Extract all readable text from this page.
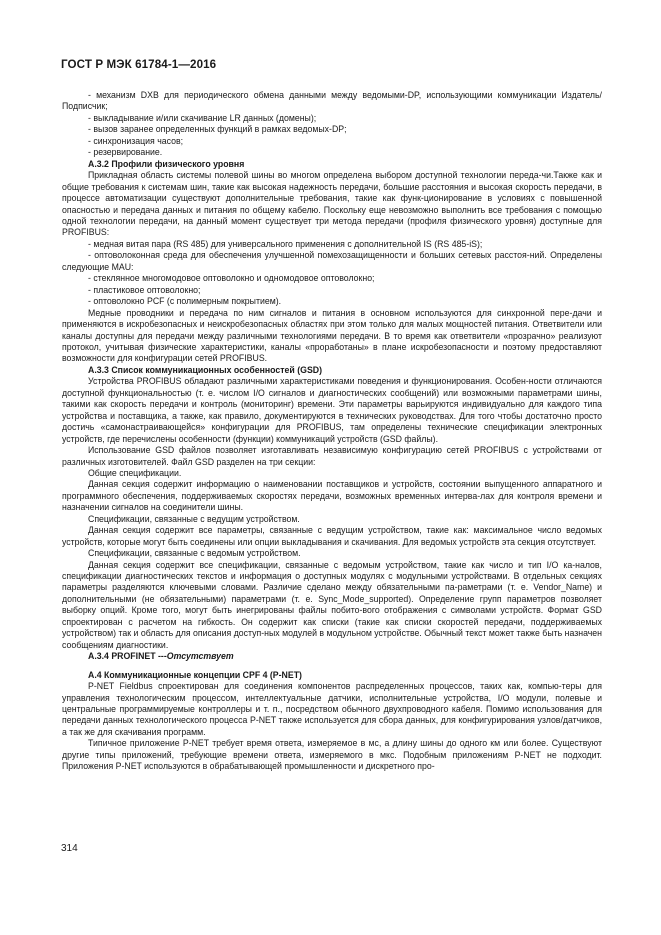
ГОСТ Р МЭК 61784-1—2016

- механизм DXB для периодического обмена данными между ведомыми-DP, использующими коммуникации Издатель/Подписчик;

- выкладывание и/или скачивание LR данных (домены);

- вызов заранее определенных функций в рамках ведомых-DP;

- синхронизация часов;

- резервирование.

A.3.2 Профили физического уровня

Прикладная область системы полевой шины во многом определена выбором доступной технологии переда-чи.Также как и общие требования к системам шин, такие как высокая надежность передачи, большие расстояния и высокая скорость передачи, в процессе автоматизации существуют дополнительные требования, такие как функ-ционирование в условиях с повышенной опасностью и передача данных и питания по общему кабелю. Поскольку еще невозможно выполнить все требования с помощью одной технологии передачи, на данный момент существует три метода передачи (профиля физического уровня) доступные для PROFIBUS:

- медная витая пара (RS 485) для универсального применения с дополнительной IS (RS 485-iS);

- оптоволоконная среда для обеспечения улучшенной помехозащищенности и больших сетевых расстоя-ний. Определены следующие MAU:

- стеклянное многомодовое оптоволокно и одномодовое оптоволокно;

- пластиковое оптоволокно;

- оптоволокно PCF (с полимерным покрытием).

Медные проводники и передача по ним сигналов и питания в основном используются для синхронной пере-дачи и применяются в искробезопасных и неискробезопасных областях при этом только для малых мощностей питания. Ответвители или каналы доступны для передачи между различными технологиями передачи. В то время как ответвители «прозрачно» реализуют протокол, учитывая физические характеристики, каналы «проработаны» в плане искробезопасности и поэтому предоставляют возможности для конфигурации сетей PROFIBUS.

A.3.3 Список коммуникационных особенностей (GSD)

Устройства PROFIBUS обладают различными характеристиками поведения и функционирования. Особен-ности отличаются доступной функциональностью (т. е. числом I/O сигналов и диагностических сообщений) или возможными параметрами шины, такими как скорость передачи и контроль (мониторинг) времени. Эти параметры варьируются индивидуально для каждого типа устройства и поставщика, а также, как правило, документируются в технических руководствах. Для того чтобы достаточно просто достичь «самонастраивающейся» конфигурации для PROFIBUS, там определены технические спецификации электронных устройств, где перечислены особенности (функции) коммуникаций устройств (GSD файлы).

Использование GSD файлов позволяет изготавливать независимую конфигурацию сетей PROFIBUS с устройствами от различных изготовителей. Файл GSD разделен на три секции:

Общие спецификации.

Данная секция содержит информацию о наименовании поставщиков и устройств, состоянии выпущенного аппаратного и программного обеспечения, поддерживаемых скоростях передачи, возможных временных интерва-лах для контроля времени и назначении сигналов на соединители шины.

Спецификации, связанные с ведущим устройством.

Данная секция содержит все параметры, связанные с ведущим устройством, такие как: максимальное число ведомых устройств, которые могут быть соединены или опции выкладывания и скачивания. Для ведомых устройств эта секция отсутствует.

Спецификации, связанные с ведомым устройством.

Данная секция содержит все спецификации, связанные с ведомым устройством, такие как число и тип I/O ка-налов, спецификации диагностических текстов и информация о доступных модулях с модульными устройствами. В отдельных секциях параметры разделяются ключевыми словами. Различие сделано между обязательными па-раметрами (т. е. Vendor_Name) и дополнительными (не обязательными) параметрами (т. е. Sync_Mode_supported). Определение групп параметров позволяет выборку опций. Кроме того, могут быть инегрированы файлы побито-вого отображения с символами устройств. Формат GSD спроектирован с расчетом на гибкость. Он содержит как списки (такие как списки скоростей передачи, поддерживаемых устройством) так и область для описания доступ-ных модулей в модульном устройстве. Обычный текст может также быть назначен сообщениям диагностики.

A.3.4 PROFINET ---Отсутствует

A.4 Коммуникационные концепции CPF 4 (P-NET)

P-NET Fieldbus спроектирован для соединения компонентов распределенных процессов, таких как, компью-теры для управления технологическим процессом, интеллектуальные датчики, исполнительные устройства, I/O модули, полевые и центральные программируемые контроллеры и т. п., посредством обычного двухпроводного кабеля. Помимо использования для передачи данных технологического процесса P-NET также используется для сбора данных, для конфигурирования узлов/датчиков, а так же для скачивания программ.

Типичное приложение P-NET требует время ответа, измеряемое в мс, а длину шины до одного км или более. Существуют другие типы приложений, требующие времени ответа, измеряемого в мкс. Подобным приложениям P-NET не подходит. Приложения P-NET используются в обрабатывающей промышленности и дискретного про-

314
